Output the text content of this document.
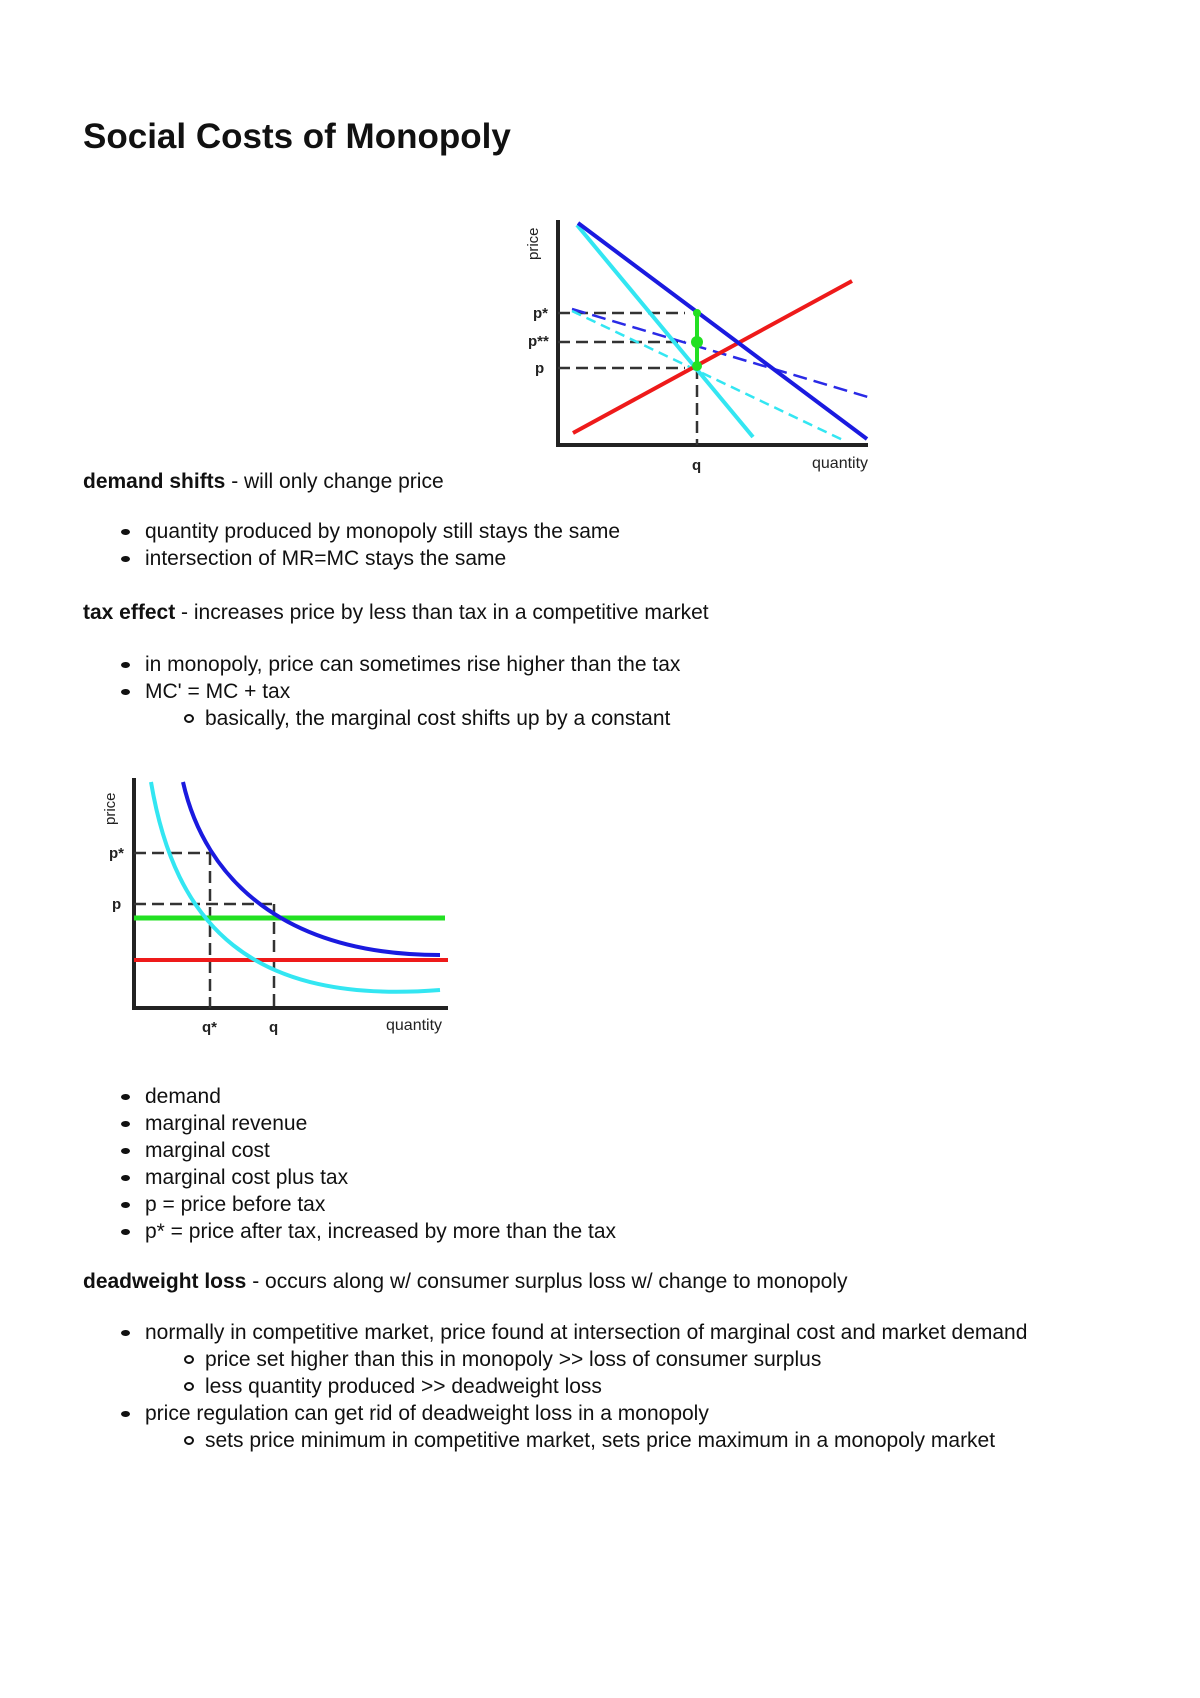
Social Costs of Monopoly
price
p*
p**
p
q	quantity

demand shifts - will only change price

quantity produced by monopoly still stays the same
intersection of MR=MC stays the same

tax effect - increases price by less than tax in a competitive market

in monopoly, price can sometimes rise higher than the tax
MC' = MC + tax
basically, the marginal cost shifts up by a constant
price
p*
p
q*	q	quantity
demand
marginal revenue
marginal cost
marginal cost plus tax
p = price before tax
p* = price after tax, increased by more than the tax

deadweight loss - occurs along w/ consumer surplus loss w/ change to monopoly

normally in competitive market, price found at intersection of marginal cost and market demand
price set higher than this in monopoly >> loss of consumer surplus
less quantity produced >> deadweight loss
price regulation can get rid of deadweight loss in a monopoly
sets price minimum in competitive market, sets price maximum in a monopoly market
